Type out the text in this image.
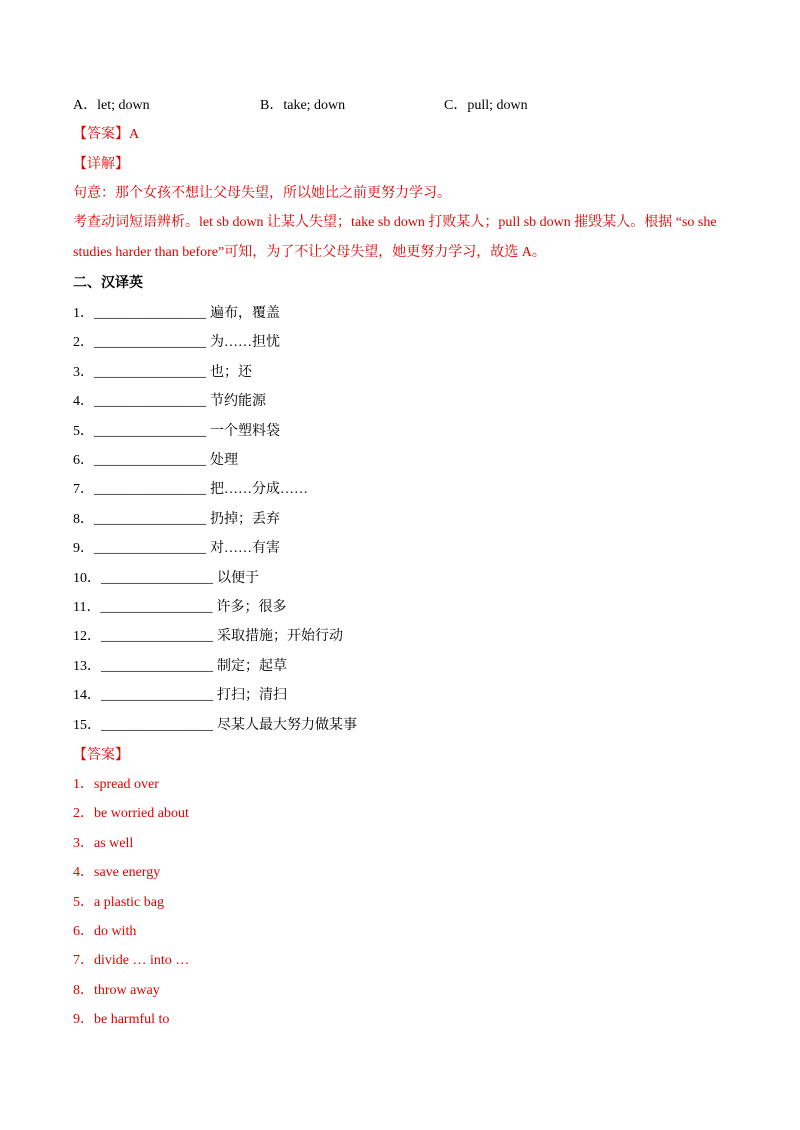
A．let; down	B．take; down	C．pull; down
【答案】A
【详解】
句意：那个女孩不想让父母失望，所以她比之前更努力学习。
考查动词短语辨析。let sb down 让某人失望；take sb down 打败某人；pull sb down 摧毁某人。根据 “so she
studies harder than before”可知，为了不让父母失望，她更努力学习，故选 A。
二、汉译英
1．________________ 遍布，覆盖
2．________________ 为……担忧
3．________________ 也；还
4．________________ 节约能源
5．________________ 一个塑料袋
6．________________ 处理
7．________________ 把……分成……
8．________________ 扔掉；丢弃
9．________________ 对……有害
10．________________ 以便于
11．________________ 许多；很多
12．________________ 采取措施；开始行动
13．________________ 制定；起草
14．________________ 打扫；清扫
15．________________ 尽某人最大努力做某事
【答案】
1．spread over
2．be worried about
3．as well
4．save energy
5．a plastic bag
6．do with
7．divide … into …
8．throw away
9．be harmful to
